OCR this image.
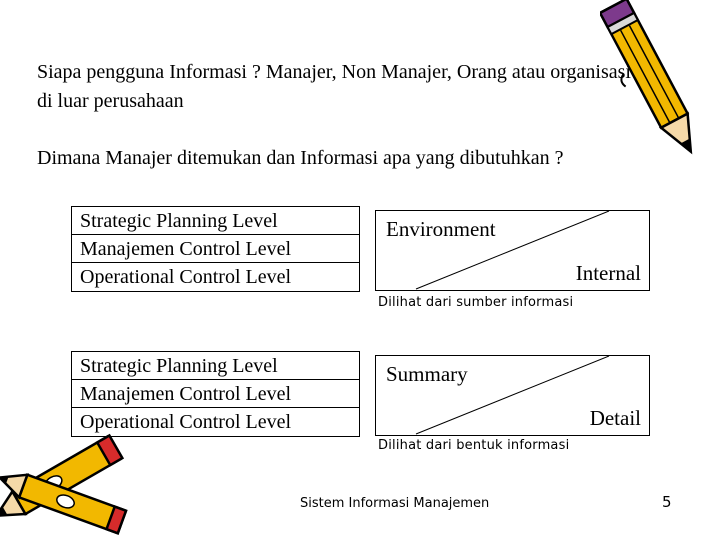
Siapa pengguna Informasi ? Manajer, Non Manajer, Orang atau organisasi di luar perusahaan
Dimana Manajer ditemukan dan Informasi apa yang dibutuhkan ?
Strategic Planning Level
Manajemen Control Level
Operational Control Level
Environment
Internal
Dilihat dari sumber informasi
Strategic Planning Level
Manajemen Control Level
Operational Control Level
Summary
Detail
Dilihat dari bentuk informasi
Sistem Informasi Manajemen	5
